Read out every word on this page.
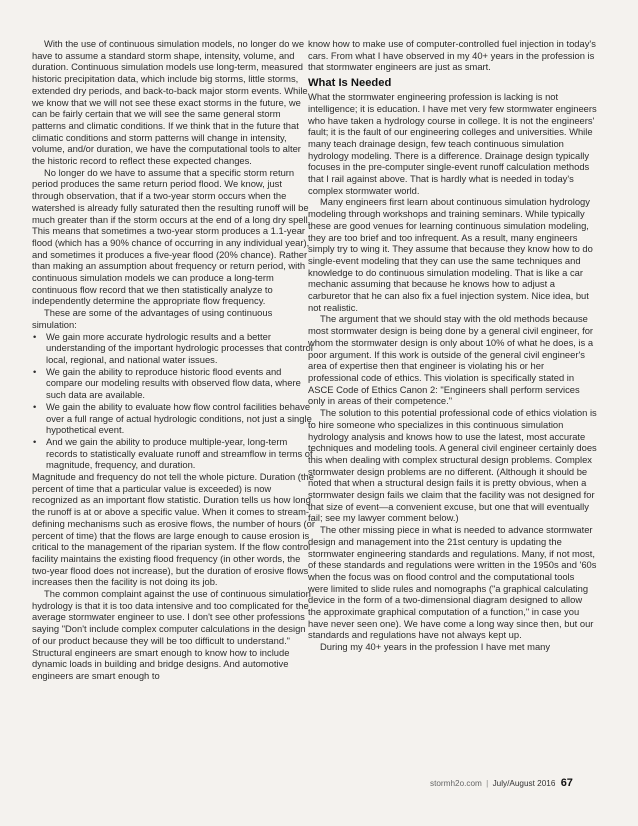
With the use of continuous simulation models, no longer do we have to assume a standard storm shape, intensity, volume, and duration. Continuous simulation models use long-term, measured historic precipitation data, which include big storms, little storms, extended dry periods, and back-to-back major storm events. While we know that we will not see these exact storms in the future, we can be fairly certain that we will see the same general storm patterns and climatic conditions. If we think that in the future that climatic conditions and storm patterns will change in intensity, volume, and/or duration, we have the computational tools to alter the historic record to reflect these expected changes.

No longer do we have to assume that a specific storm return period produces the same return period flood. We know, just through observation, that if a two-year storm occurs when the watershed is already fully saturated then the resulting runoff will be much greater than if the storm occurs at the end of a long dry spell. This means that sometimes a two-year storm produces a 1.1-year flood (which has a 90% chance of occurring in any individual year), and sometimes it produces a five-year flood (20% chance). Rather than making an assumption about frequency or return period, with continuous simulation models we can produce a long-term continuous flow record that we then statistically analyze to independently determine the appropriate flow frequency.

These are some of the advantages of using continuous simulation:

• We gain more accurate hydrologic results and a better understanding of the important hydrologic processes that control local, regional, and national water issues.
• We gain the ability to reproduce historic flood events and compare our modeling results with observed flow data, where such data are available.
• We gain the ability to evaluate how flow control facilities behave over a full range of actual hydrologic conditions, not just a single hypothetical event.
• And we gain the ability to produce multiple-year, long-term records to statistically evaluate runoff and streamflow in terms of magnitude, frequency, and duration.

Magnitude and frequency do not tell the whole picture. Duration (the percent of time that a particular value is exceeded) is now recognized as an important flow statistic. Duration tells us how long the runoff is at or above a specific value. When it comes to stream-defining mechanisms such as erosive flows, the number of hours (or percent of time) that the flows are large enough to cause erosion is critical to the management of the riparian system. If the flow control facility maintains the existing flood frequency (in other words, the two-year flood does not increase), but the duration of erosive flows increases then the facility is not doing its job.

The common complaint against the use of continuous simulation hydrology is that it is too data intensive and too complicated for the average stormwater engineer to use. I don't see other professions saying "Don't include complex computer calculations in the design of our product because they will be too difficult to understand." Structural engineers are smart enough to know how to include dynamic loads in building and bridge designs. And automotive engineers are smart enough to

know how to make use of computer-controlled fuel injection in today's cars. From what I have observed in my 40+ years in the profession is that stormwater engineers are just as smart.

What Is Needed

What the stormwater engineering profession is lacking is not intelligence; it is education. I have met very few stormwater engineers who have taken a hydrology course in college. It is not the engineers' fault; it is the fault of our engineering colleges and universities. While many teach drainage design, few teach continuous simulation hydrology modeling. There is a difference. Drainage design typically focuses in the pre-computer single-event runoff calculation methods that I rail against above. That is hardly what is needed in today's complex stormwater world.

Many engineers first learn about continuous simulation hydrology modeling through workshops and training seminars. While typically these are good venues for learning continuous simulation modeling, they are too brief and too infrequent. As a result, many engineers simply try to wing it. They assume that because they know how to do single-event modeling that they can use the same techniques and knowledge to do continuous simulation modeling. That is like a car mechanic assuming that because he knows how to adjust a carburetor that he can also fix a fuel injection system. Nice idea, but not realistic.

The argument that we should stay with the old methods because most stormwater design is being done by a general civil engineer, for whom the stormwater design is only about 10% of what he does, is a poor argument. If this work is outside of the general civil engineer's area of expertise then that engineer is violating his or her professional code of ethics. This violation is specifically stated in ASCE Code of Ethics Canon 2: "Engineers shall perform services only in areas of their competence."

The solution to this potential professional code of ethics violation is to hire someone who specializes in this continuous simulation hydrology analysis and knows how to use the latest, most accurate techniques and modeling tools. A general civil engineer certainly does this when dealing with complex structural design problems. Complex stormwater design problems are no different. (Although it should be noted that when a structural design fails it is pretty obvious, when a stormwater design fails we claim that the facility was not designed for that size of event—a convenient excuse, but one that will eventually fail; see my lawyer comment below.)

The other missing piece in what is needed to advance stormwater design and management into the 21st century is updating the stormwater engineering standards and regulations. Many, if not most, of these standards and regulations were written in the 1950s and '60s when the focus was on flood control and the computational tools were limited to slide rules and nomographs ("a graphical calculating device in the form of a two-dimensional diagram designed to allow the approximate graphical computation of a function," in case you have never seen one). We have come a long way since then, but our standards and regulations have not always kept up.

During my 40+ years in the profession I have met many

stormh2o.com | July/August 2016 67
